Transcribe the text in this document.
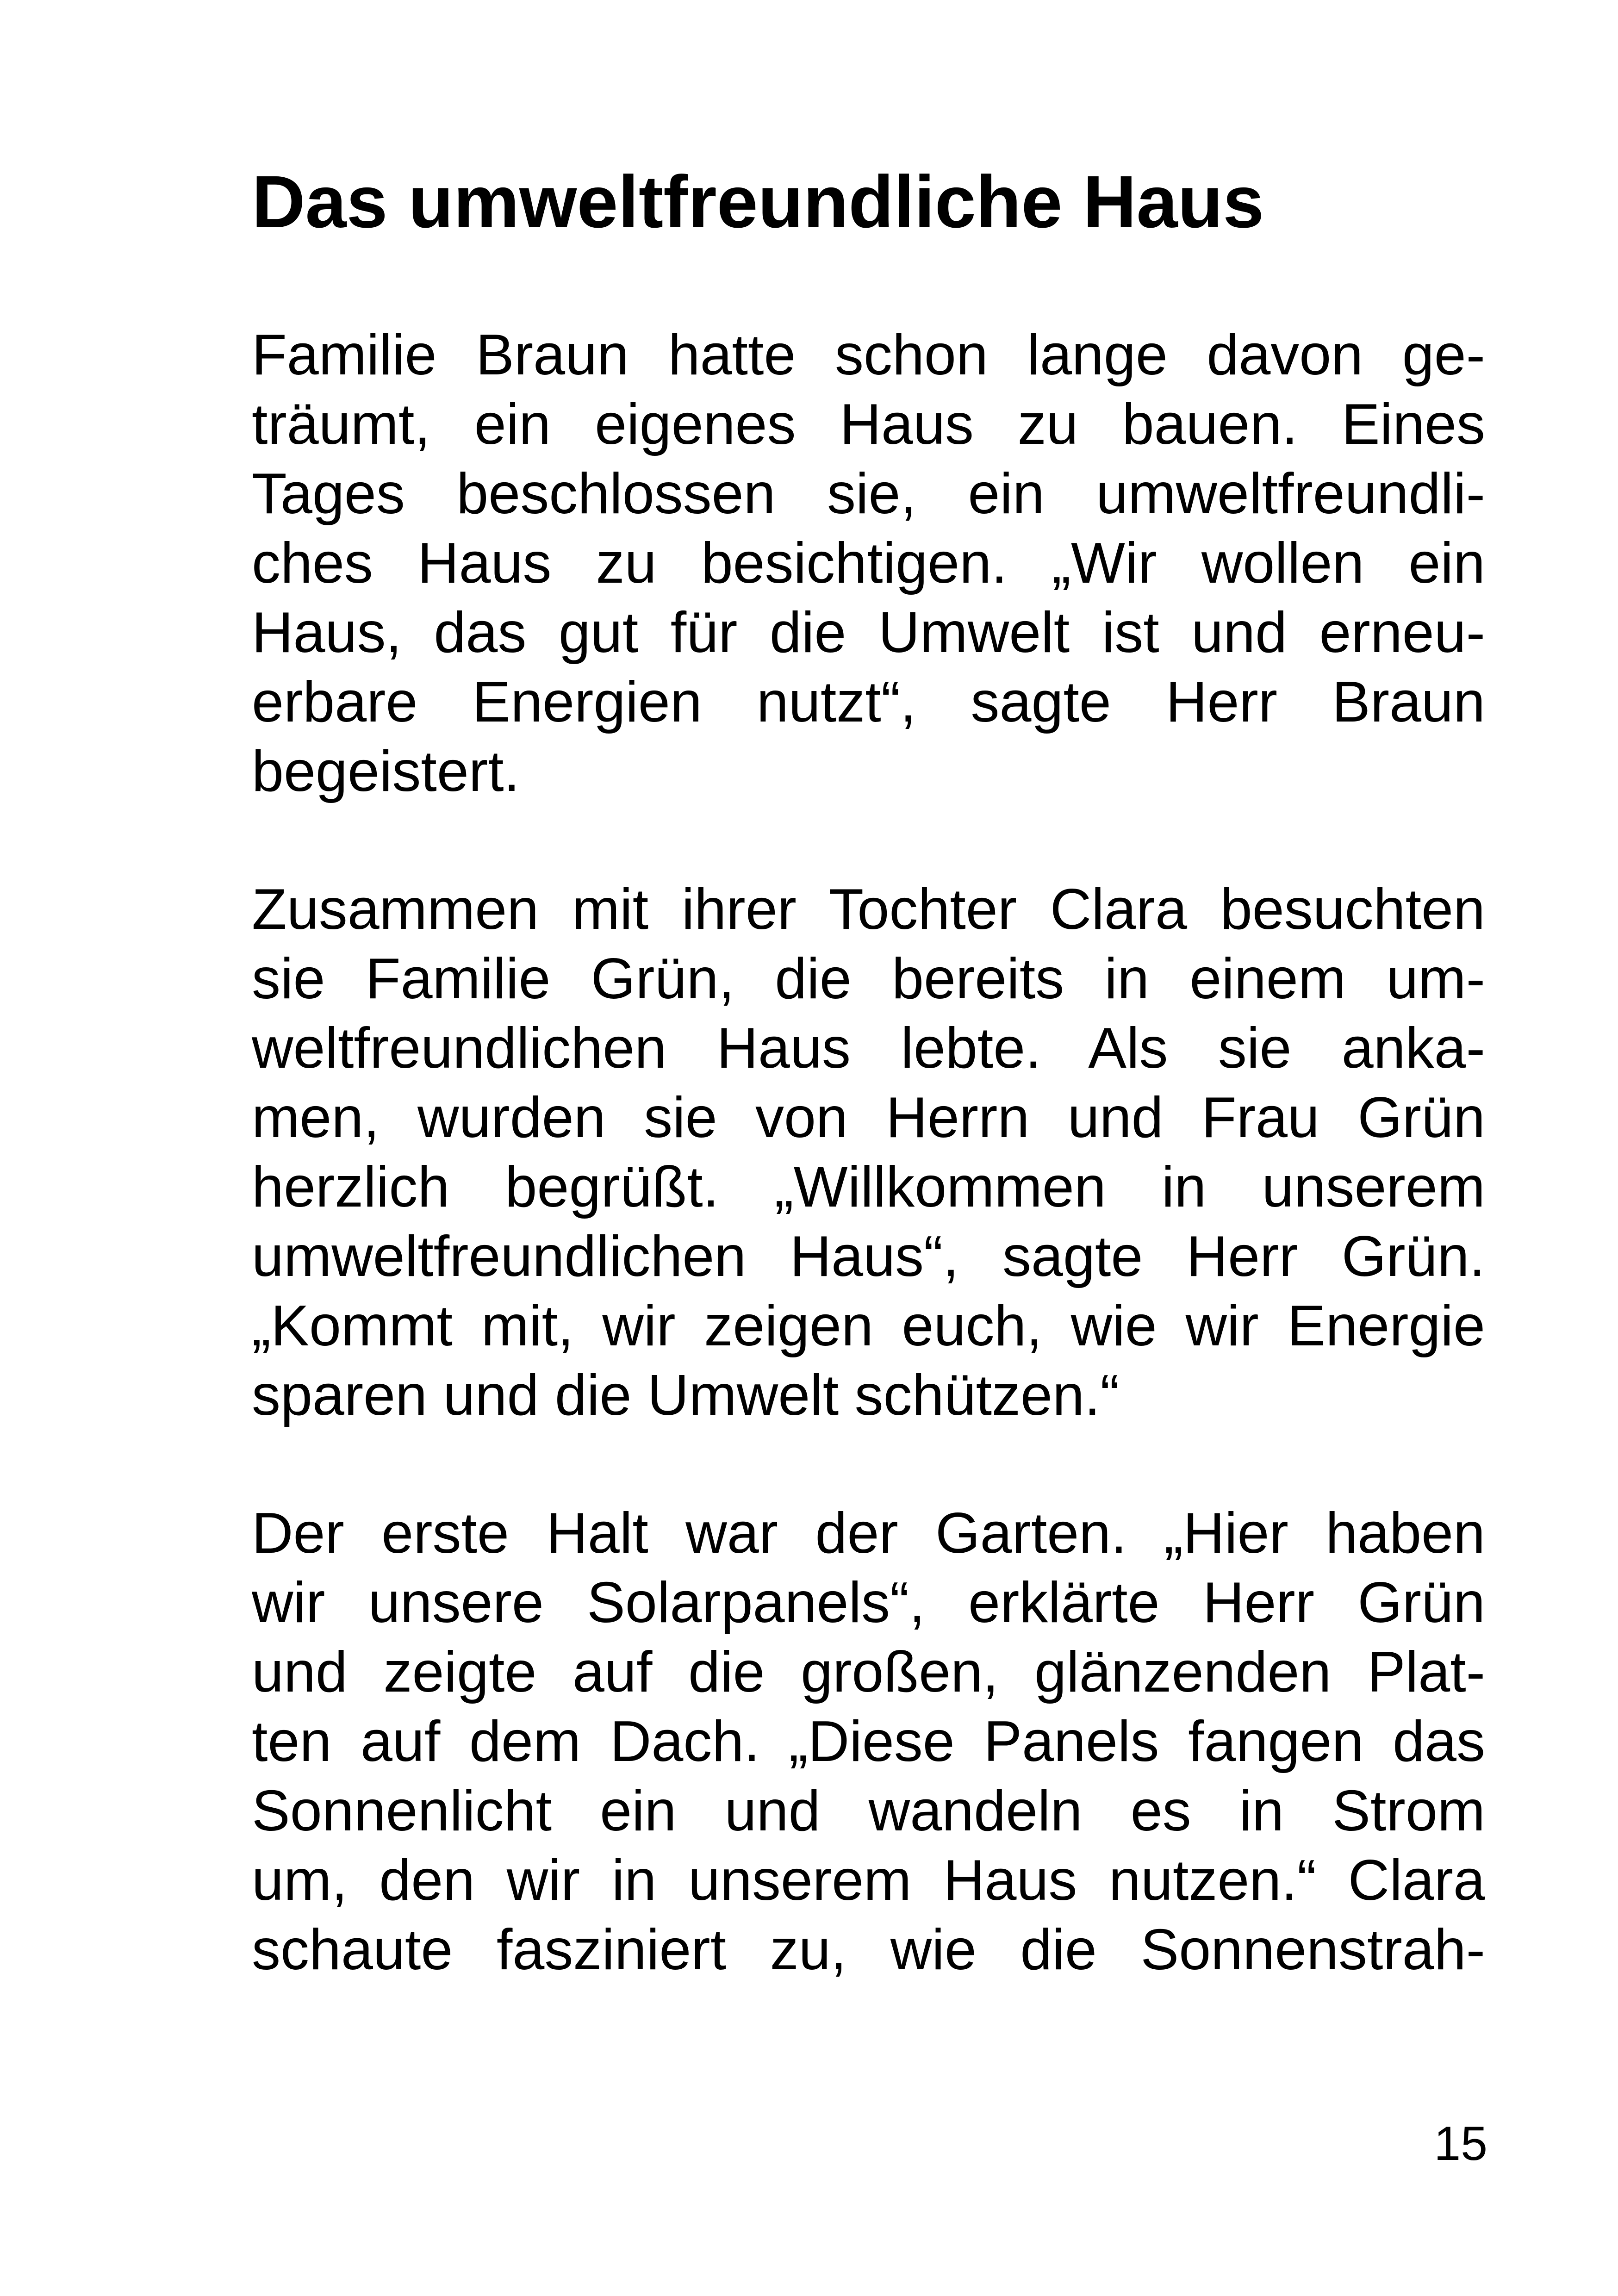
Das umweltfreundliche Haus
Familie Braun hatte schon lange davon ge-
träumt, ein eigenes Haus zu bauen. Eines
Tages beschlossen sie, ein umweltfreundli-
ches Haus zu besichtigen. „Wir wollen ein
Haus, das gut für die Umwelt ist und erneu-
erbare Energien nutzt“, sagte Herr Braun
begeistert.
Zusammen mit ihrer Tochter Clara besuchten
sie Familie Grün, die bereits in einem um-
weltfreundlichen Haus lebte. Als sie anka-
men, wurden sie von Herrn und Frau Grün
herzlich begrüßt. „Willkommen in unserem
umweltfreundlichen Haus“, sagte Herr Grün.
„Kommt mit, wir zeigen euch, wie wir Energie
sparen und die Umwelt schützen.“
Der erste Halt war der Garten. „Hier haben
wir unsere Solarpanels“, erklärte Herr Grün
und zeigte auf die großen, glänzenden Plat-
ten auf dem Dach. „Diese Panels fangen das
Sonnenlicht ein und wandeln es in Strom
um, den wir in unserem Haus nutzen.“ Clara
schaute fasziniert zu, wie die Sonnenstrah-
15
